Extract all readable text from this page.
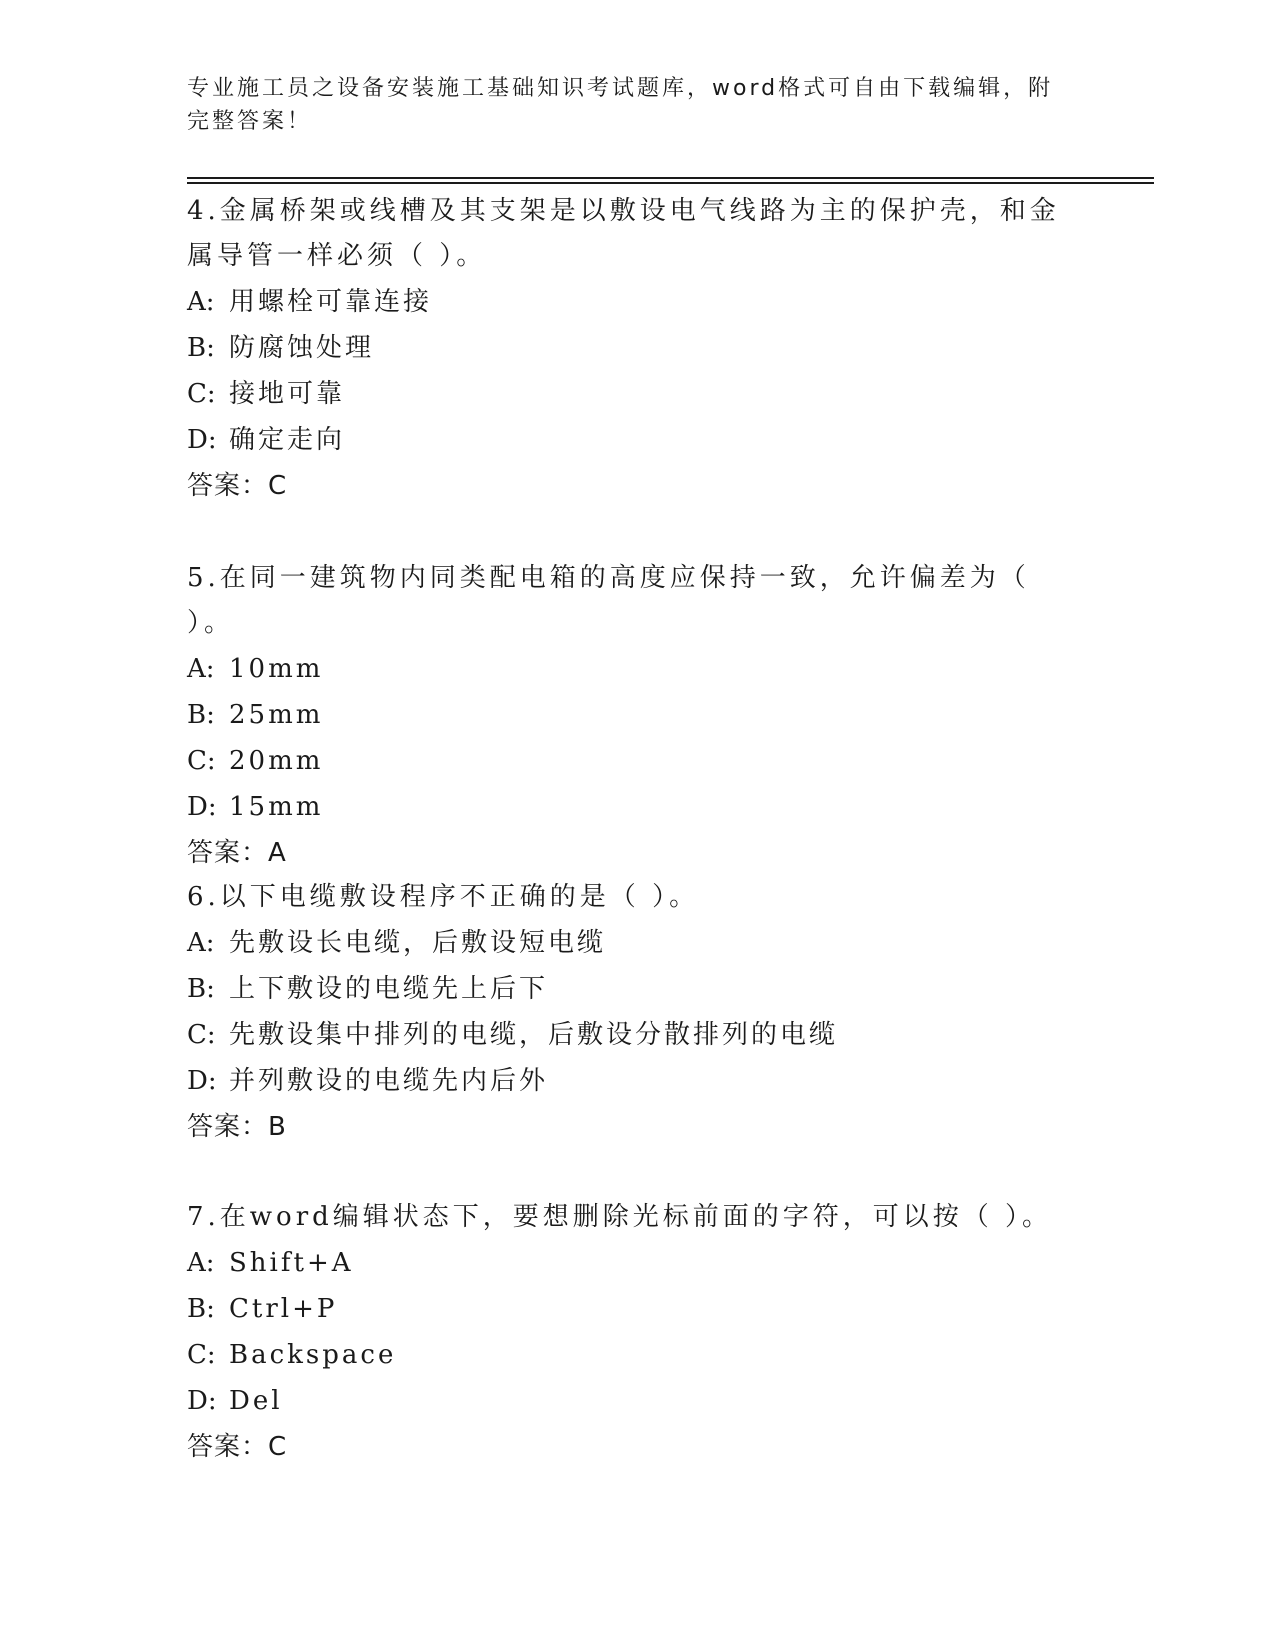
专业施工员之设备安装施工基础知识考试题库，word格式可自由下载编辑，附完整答案！
4.金属桥架或线槽及其支架是以敷设电气线路为主的保护壳，和金属导管一样必须（ ）。
A: 用螺栓可靠连接
B: 防腐蚀处理
C: 接地可靠
D: 确定走向
答案：C
5.在同一建筑物内同类配电箱的高度应保持一致，允许偏差为（ ）。
A: 10mm
B: 25mm
C: 20mm
D: 15mm
答案：A
6.以下电缆敷设程序不正确的是（ ）。
A: 先敷设长电缆，后敷设短电缆
B: 上下敷设的电缆先上后下
C: 先敷设集中排列的电缆，后敷设分散排列的电缆
D: 并列敷设的电缆先内后外
答案：B
7.在word编辑状态下，要想删除光标前面的字符，可以按（ ）。
A: Shift+A
B: Ctrl+P
C: Backspace
D: Del
答案：C
